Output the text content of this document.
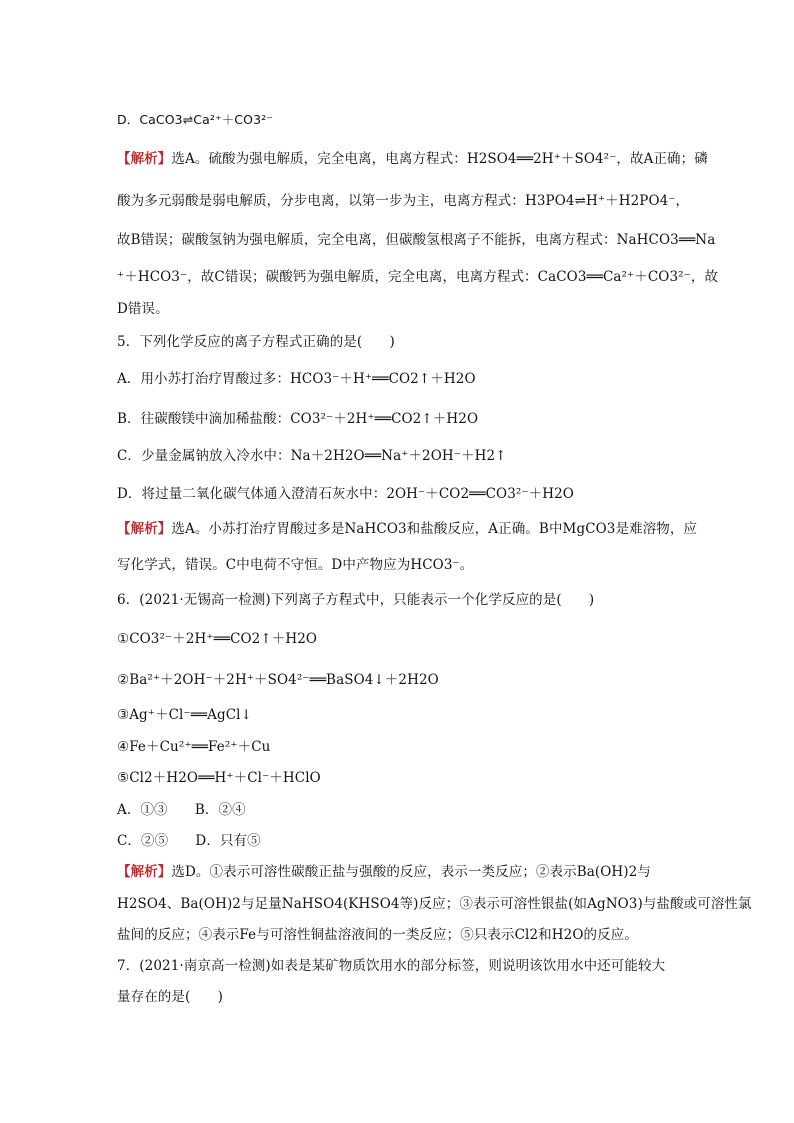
D．CaCO3⇌Ca²⁺＋CO3²⁻
【解析】选A。硫酸为强电解质，完全电离，电离方程式：H2SO4══2H⁺＋SO4²⁻，故A正确；磷
酸为多元弱酸是弱电解质，分步电离，以第一步为主，电离方程式：H3PO4⇌H⁺＋H2PO4⁻，
故B错误；碳酸氢钠为强电解质，完全电离，但碳酸氢根离子不能拆，电离方程式：NaHCO3══Na
⁺＋HCO3⁻，故C错误；碳酸钙为强电解质，完全电离，电离方程式：CaCO3══Ca²⁺＋CO3²⁻，故
D错误。
5．下列化学反应的离子方程式正确的是(　　)
A．用小苏打治疗胃酸过多：HCO3⁻＋H⁺══CO2↑＋H2O
B．往碳酸镁中滴加稀盐酸：CO3²⁻＋2H⁺══CO2↑＋H2O
C．少量金属钠放入冷水中：Na＋2H2O══Na⁺＋2OH⁻＋H2↑
D．将过量二氧化碳气体通入澄清石灰水中：2OH⁻＋CO2══CO3²⁻＋H2O
【解析】选A。小苏打治疗胃酸过多是NaHCO3和盐酸反应，A正确。B中MgCO3是难溶物，应
写化学式，错误。C中电荷不守恒。D中产物应为HCO3⁻。
6．(2021·无锡高一检测)下列离子方程式中，只能表示一个化学反应的是(　　)
①CO3²⁻＋2H⁺══CO2↑＋H2O
②Ba²⁺＋2OH⁻＋2H⁺＋SO4²⁻══BaSO4↓＋2H2O
③Ag⁺＋Cl⁻══AgCl↓
④Fe＋Cu²⁺══Fe²⁺＋Cu
⑤Cl2＋H2O══H⁺＋Cl⁻＋HClO
A．①③　　B．②④
C．②⑤　　D．只有⑤
【解析】选D。①表示可溶性碳酸正盐与强酸的反应，表示一类反应；②表示Ba(OH)2与
H2SO4、Ba(OH)2与足量NaHSO4(KHSO4等)反应；③表示可溶性银盐(如AgNO3)与盐酸或可溶性氯
盐间的反应；④表示Fe与可溶性铜盐溶液间的一类反应；⑤只表示Cl2和H2O的反应。
7．(2021·南京高一检测)如表是某矿物质饮用水的部分标签，则说明该饮用水中还可能较大
量存在的是(　　)
